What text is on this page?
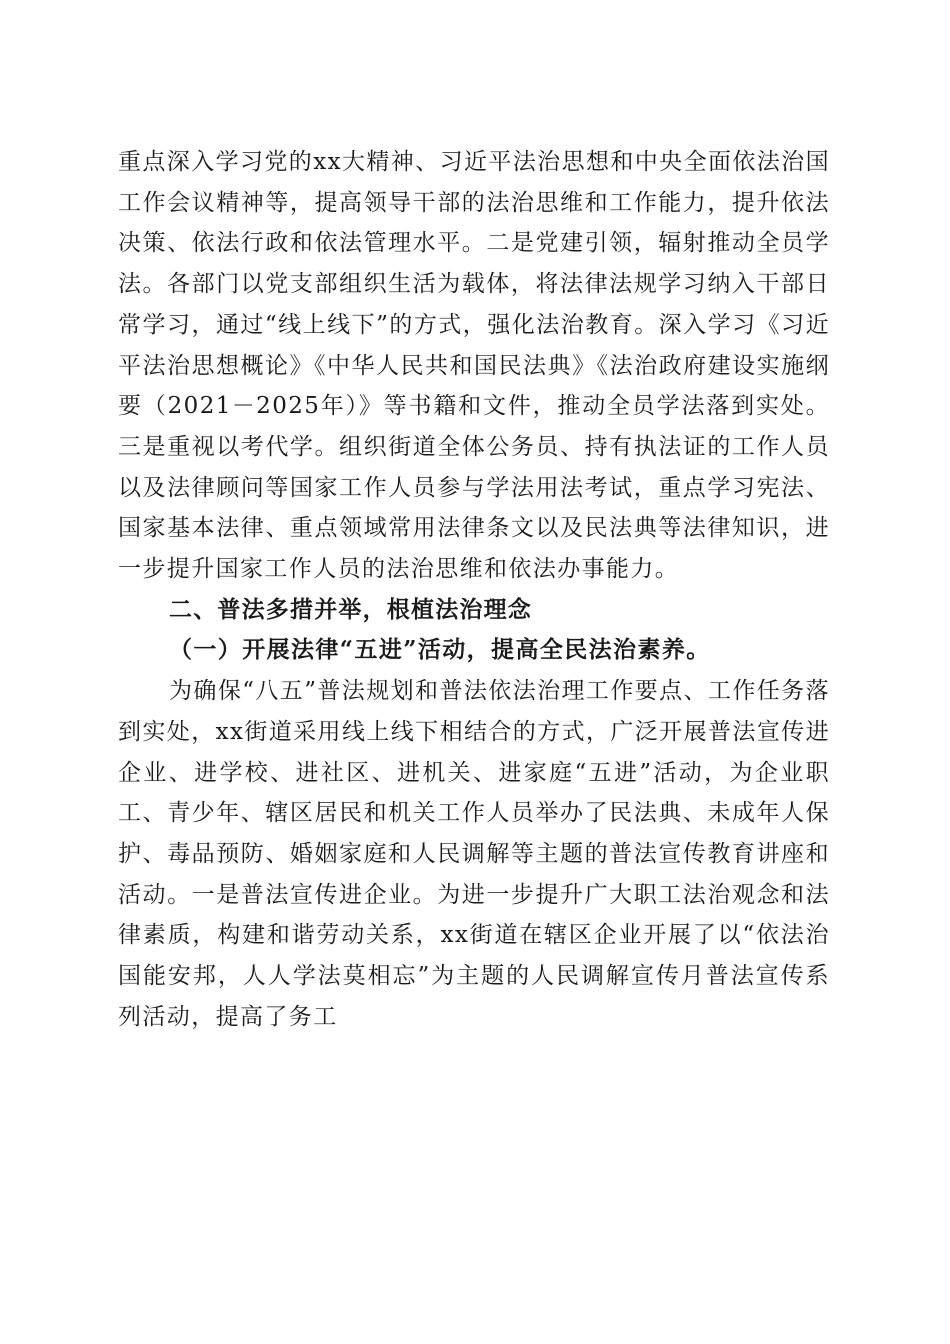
重点深入学习党的xx大精神、习近平法治思想和中央全面依法治国工作会议精神等，提高领导干部的法治思维和工作能力，提升依法决策、依法行政和依法管理水平。二是党建引领，辐射推动全员学法。各部门以党支部组织生活为载体，将法律法规学习纳入干部日常学习，通过“线上线下”的方式，强化法治教育。深入学习《习近平法治思想概论》《中华人民共和国民法典》《法治政府建设实施纲要（2021－2025年）》等书籍和文件，推动全员学法落到实处。三是重视以考代学。组织街道全体公务员、持有执法证的工作人员以及法律顾问等国家工作人员参与学法用法考试，重点学习宪法、国家基本法律、重点领域常用法律条文以及民法典等法律知识，进一步提升国家工作人员的法治思维和依法办事能力。

二、普法多措并举，根植法治理念

（一）开展法律“五进”活动，提高全民法治素养。

为确保“八五”普法规划和普法依法治理工作要点、工作任务落到实处，xx街道采用线上线下相结合的方式，广泛开展普法宣传进企业、进学校、进社区、进机关、进家庭“五进”活动，为企业职工、青少年、辖区居民和机关工作人员举办了民法典、未成年人保护、毒品预防、婚姻家庭和人民调解等主题的普法宣传教育讲座和活动。一是普法宣传进企业。为进一步提升广大职工法治观念和法律素质，构建和谐劳动关系，xx街道在辖区企业开展了以“依法治国能安邦，人人学法莫相忘”为主题的人民调解宣传月普法宣传系列活动，提高了务工
